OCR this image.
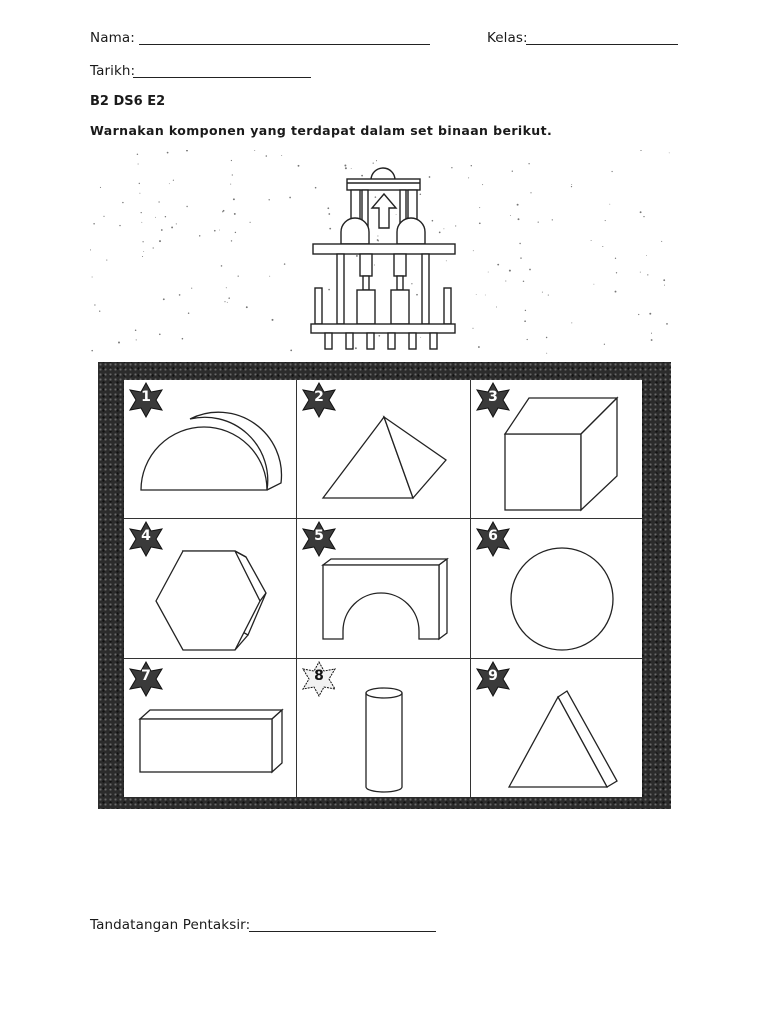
Nama:	Kelas:
Tarikh:
B2 DS6 E2
Warnakan komponen yang terdapat dalam set binaan berikut.
1	2	3
4	5	6
7	8	9
Tandatangan Pentaksir:
